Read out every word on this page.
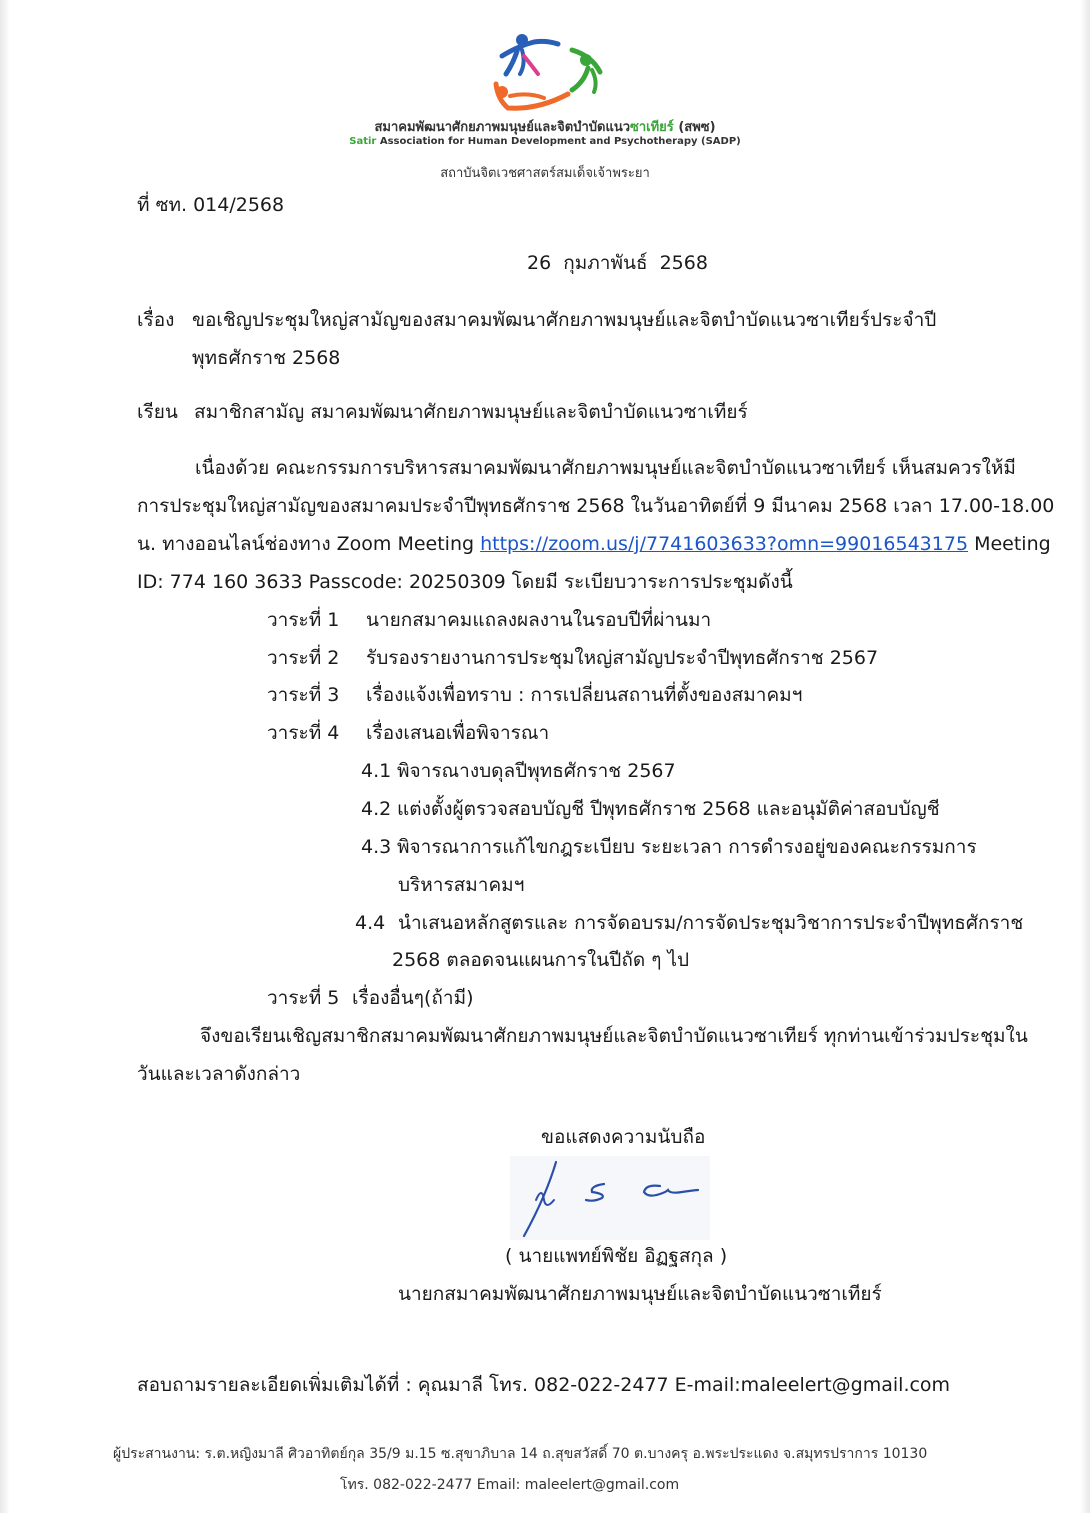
สมาคมพัฒนาศักยภาพมนุษย์และจิตบำบัดแนวซาเทียร์ (สพซ)
Satir Association for Human Development and Psychotherapy (SADP)
สถาบันจิตเวชศาสตร์สมเด็จเจ้าพระยา
ที่ ซท. 014/2568
26 กุมภาพันธ์ 2568
เรื่อง ขอเชิญประชุมใหญ่สามัญของสมาคมพัฒนาศักยภาพมนุษย์และจิตบำบัดแนวซาเทียร์ประจำปี
พุทธศักราช 2568
เรียน สมาชิกสามัญ สมาคมพัฒนาศักยภาพมนุษย์และจิตบำบัดแนวซาเทียร์
เนื่องด้วย คณะกรรมการบริหารสมาคมพัฒนาศักยภาพมนุษย์และจิตบำบัดแนวซาเทียร์ เห็นสมควรให้มี
การประชุมใหญ่สามัญของสมาคมประจำปีพุทธศักราช 2568 ในวันอาทิตย์ที่ 9 มีนาคม 2568 เวลา 17.00-18.00
น. ทางออนไลน์ช่องทาง Zoom Meeting https://zoom.us/j/7741603633?omn=99016543175 Meeting
ID: 774 160 3633 Passcode: 20250309 โดยมี ระเบียบวาระการประชุมดังนี้
วาระที่ 1 นายกสมาคมแถลงผลงานในรอบปีที่ผ่านมา
วาระที่ 2 รับรองรายงานการประชุมใหญ่สามัญประจำปีพุทธศักราช 2567
วาระที่ 3 เรื่องแจ้งเพื่อทราบ : การเปลี่ยนสถานที่ตั้งของสมาคมฯ
วาระที่ 4 เรื่องเสนอเพื่อพิจารณา
4.1 พิจารณางบดุลปีพุทธศักราช 2567
4.2 แต่งตั้งผู้ตรวจสอบบัญชี ปีพุทธศักราช 2568 และอนุมัติค่าสอบบัญชี
4.3 พิจารณาการแก้ไขกฎระเบียบ ระยะเวลา การดำรงอยู่ของคณะกรรมการ
บริหารสมาคมฯ
4.4 นำเสนอหลักสูตรและ การจัดอบรม/การจัดประชุมวิชาการประจำปีพุทธศักราช
2568 ตลอดจนแผนการในปีถัด ๆ ไป
วาระที่ 5 เรื่องอื่นๆ(ถ้ามี)
จึงขอเรียนเชิญสมาชิกสมาคมพัฒนาศักยภาพมนุษย์และจิตบำบัดแนวซาเทียร์ ทุกท่านเข้าร่วมประชุมใน
วันและเวลาดังกล่าว
ขอแสดงความนับถือ
( นายแพทย์พิชัย อิฏฐสกุล )
นายกสมาคมพัฒนาศักยภาพมนุษย์และจิตบำบัดแนวซาเทียร์
สอบถามรายละเอียดเพิ่มเติมได้ที่ : คุณมาลี โทร. 082-022-2477 E-mail:maleelert@gmail.com
ผู้ประสานงาน: ร.ต.หญิงมาลี ศิวอาทิตย์กุล 35/9 ม.15 ซ.สุขาภิบาล 14 ถ.สุขสวัสดิ์ 70 ต.บางครุ อ.พระประแดง จ.สมุทรปราการ 10130
โทร. 082-022-2477 Email: maleelert@gmail.com
